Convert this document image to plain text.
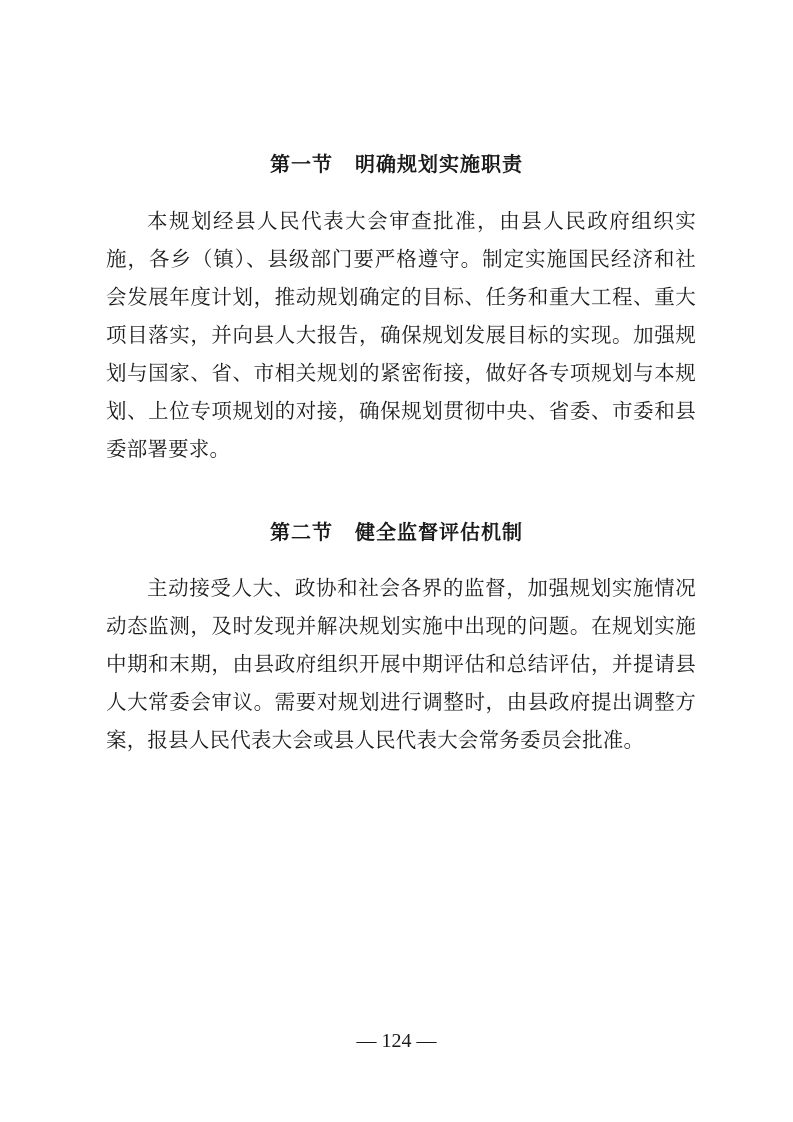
第一节 明确规划实施职责

本规划经县人民代表大会审查批准，由县人民政府组织实施，各乡（镇）、县级部门要严格遵守。制定实施国民经济和社会发展年度计划，推动规划确定的目标、任务和重大工程、重大项目落实，并向县人大报告，确保规划发展目标的实现。加强规划与国家、省、市相关规划的紧密衔接，做好各专项规划与本规划、上位专项规划的对接，确保规划贯彻中央、省委、市委和县委部署要求。

第二节 健全监督评估机制

主动接受人大、政协和社会各界的监督，加强规划实施情况动态监测，及时发现并解决规划实施中出现的问题。在规划实施中期和末期，由县政府组织开展中期评估和总结评估，并提请县人大常委会审议。需要对规划进行调整时，由县政府提出调整方案，报县人民代表大会或县人民代表大会常务委员会批准。

— 124 —
